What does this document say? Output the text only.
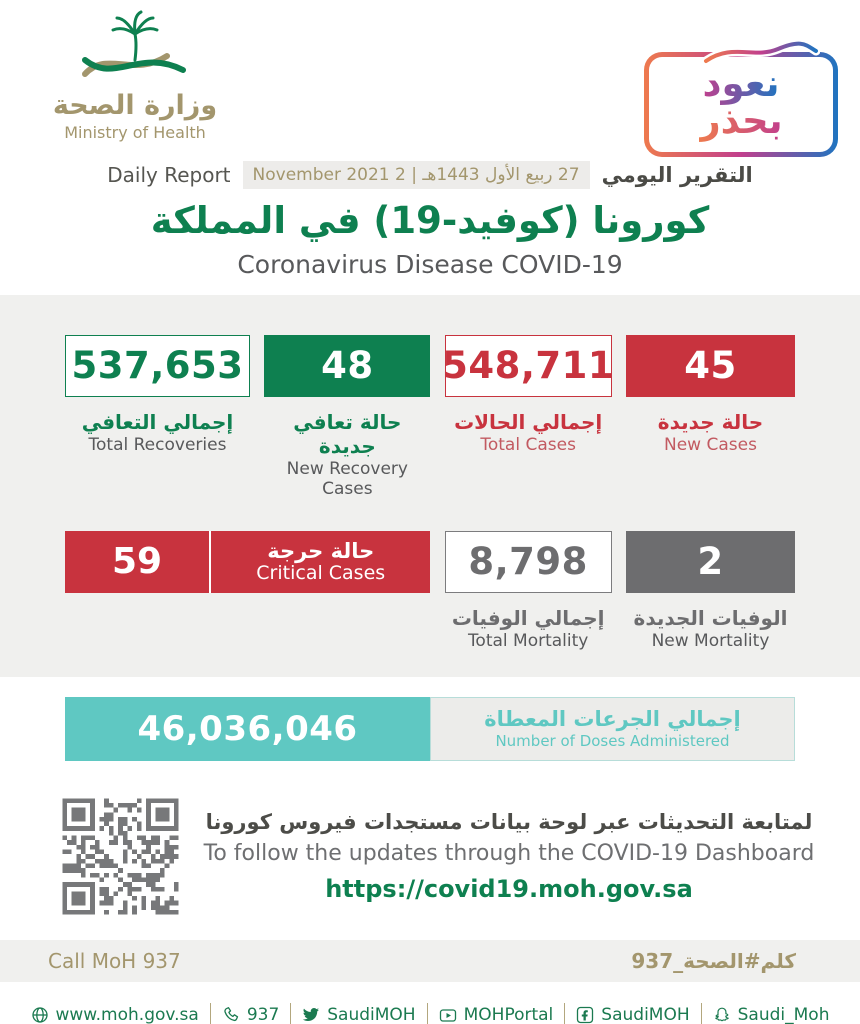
وزارة الصحة
Ministry of Health
نعود بحذر
Daily Report	27 ربيع الأول 1443هـ | 2 November 2021	التقرير اليومي
كورونا (كوفيد-19) في المملكة
Coronavirus Disease COVID-19
537,653
إجمالي التعافي
Total Recoveries
48
حالة تعافي جديدة
New Recovery Cases
548,711
إجمالي الحالات
Total Cases
45
حالة جديدة
New Cases
59	حالة حرجة
Critical Cases	8,798
إجمالي الوفيات
Total Mortality
2
الوفيات الجديدة
New Mortality
46,036,046	إجمالي الجرعات المعطاة
Number of Doses Administered
لمتابعة التحديثات عبر لوحة بيانات مستجدات فيروس كورونا
To follow the updates through the COVID-19 Dashboard
https://covid19.moh.gov.sa
Call MoH 937	كلم#الصحة_937
www.moh.gov.sa	937	SaudiMOH	MOHPortal	SaudiMOH	Saudi_Moh
